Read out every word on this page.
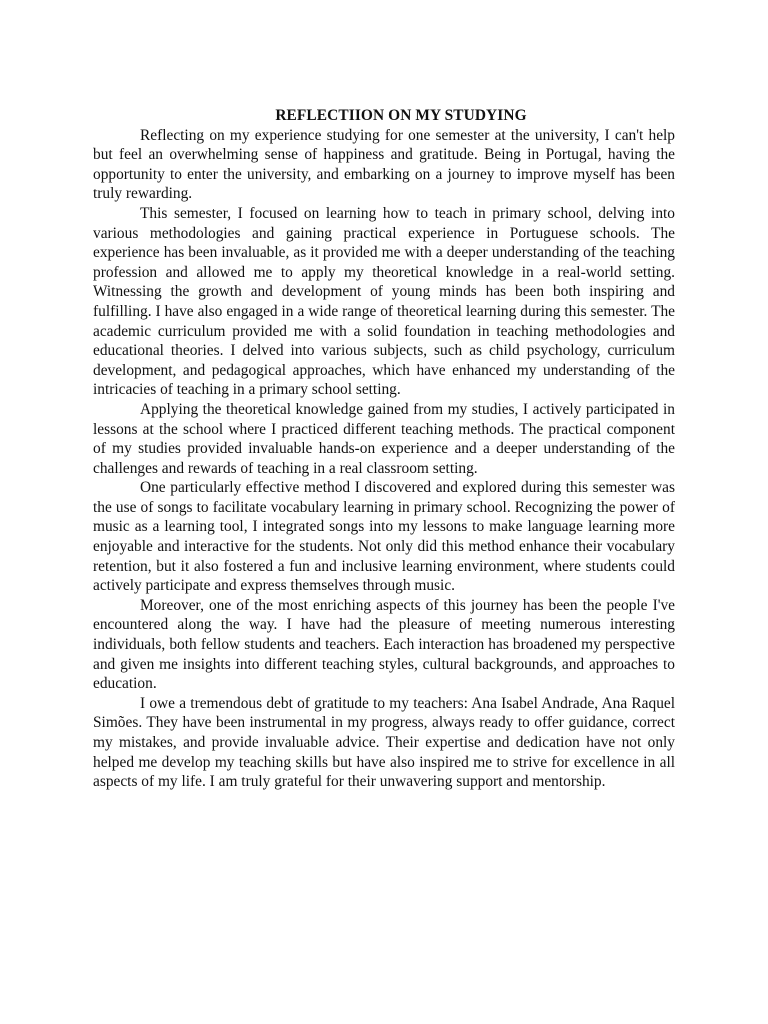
REFLECTIION ON MY STUDYING

Reflecting on my experience studying for one semester at the university, I can't help but feel an overwhelming sense of happiness and gratitude. Being in Portugal, having the opportunity to enter the university, and embarking on a journey to improve myself has been truly rewarding.

This semester, I focused on learning how to teach in primary school, delving into various methodologies and gaining practical experience in Portuguese schools. The experience has been invaluable, as it provided me with a deeper understanding of the teaching profession and allowed me to apply my theoretical knowledge in a real-world setting. Witnessing the growth and development of young minds has been both inspiring and fulfilling. I have also engaged in a wide range of theoretical learning during this semester. The academic curriculum provided me with a solid foundation in teaching methodologies and educational theories. I delved into various subjects, such as child psychology, curriculum development, and pedagogical approaches, which have enhanced my understanding of the intricacies of teaching in a primary school setting.

Applying the theoretical knowledge gained from my studies, I actively participated in lessons at the school where I practiced different teaching methods. The practical component of my studies provided invaluable hands-on experience and a deeper understanding of the challenges and rewards of teaching in a real classroom setting.

One particularly effective method I discovered and explored during this semester was the use of songs to facilitate vocabulary learning in primary school. Recognizing the power of music as a learning tool, I integrated songs into my lessons to make language learning more enjoyable and interactive for the students. Not only did this method enhance their vocabulary retention, but it also fostered a fun and inclusive learning environment, where students could actively participate and express themselves through music.

Moreover, one of the most enriching aspects of this journey has been the people I've encountered along the way. I have had the pleasure of meeting numerous interesting individuals, both fellow students and teachers. Each interaction has broadened my perspective and given me insights into different teaching styles, cultural backgrounds, and approaches to education.

I owe a tremendous debt of gratitude to my teachers: Ana Isabel Andrade, Ana Raquel Simões. They have been instrumental in my progress, always ready to offer guidance, correct my mistakes, and provide invaluable advice. Their expertise and dedication have not only helped me develop my teaching skills but have also inspired me to strive for excellence in all aspects of my life. I am truly grateful for their unwavering support and mentorship.
